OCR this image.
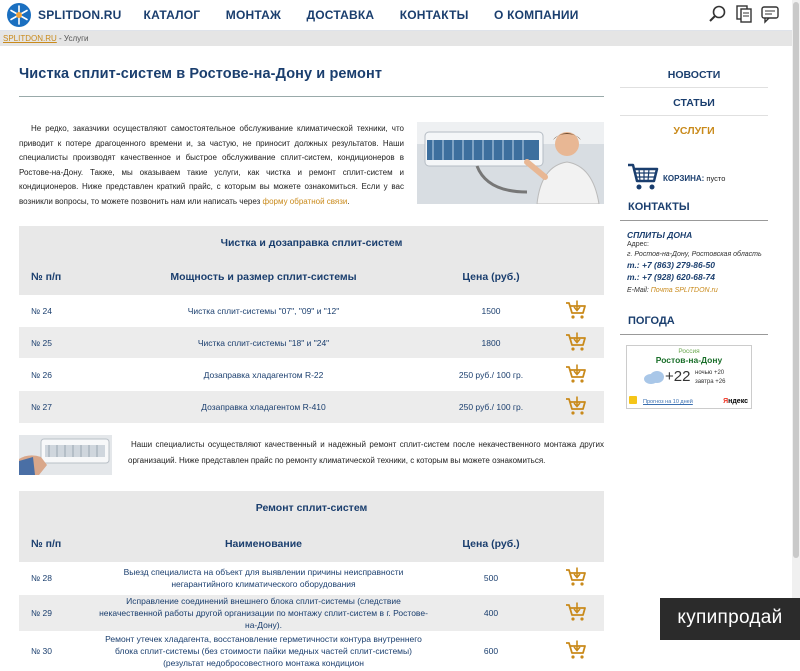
SPLITDON.RU КАТАЛОГ МОНТАЖ ДОСТАВКА КОНТАКТЫ О КОМПАНИИ
SPLITDON.RU - Услуги
Чистка сплит-систем в Ростове-на-Дону и ремонт

Не редко, заказчики осуществляют самостоятельное обслуживание климатической техники, что приводит к потере драгоценного времени и, за частую, не приносит должных результатов. Наши специалисты производят качественное и быстрое обслуживание сплит-систем, кондиционеров в Ростове-на-Дону. Также, мы оказываем такие услуги, как чистка и ремонт сплит-систем и кондиционеров. Ниже представлен краткий прайс, с которым вы можете ознакомиться. Если у вас возникли вопросы, то можете позвонить нам или написать через форму обратной связи.

Чистка и дозаправка сплит-систем			
№ п/п	Мощность и размер сплит-системы	Цена (руб.)	
№ 24	Чистка сплит-системы "07", "09" и "12"	1500	
№ 25	Чистка сплит-системы "18" и "24"	1800	
№ 26	Дозаправка хладагентом R-22	250 руб./ 100 гр.	
№ 27	Дозаправка хладагентом R-410	250 руб./ 100 гр.	

Наши специалисты осуществляют качественный и надежный ремонт сплит-систем после некачественного монтажа других организаций. Ниже представлен прайс по ремонту климатической техники, с которым вы можете ознакомиться.

Ремонт сплит-систем			
№ п/п	Наименование	Цена (руб.)	
№ 28	Выезд специалиста на объект для выявлении причины неисправности негарантийного климатического оборудования	500	
№ 29	Исправление соединений внешнего блока сплит-системы (следствие некачественной работы другой организации по монтажу сплит-систем в г. Ростове-на-Дону).	400	
№ 30	Ремонт утечек хладагента, восстановление герметичности контура внутреннего блока сплит-системы (без стоимости пайки медных частей сплит-системы) (результат недобросовестного монтажа кондицион	600	
НОВОСТИ
СТАТЬИ
УСЛУГИ
КОРЗИНА: пусто
КОНТАКТЫ
СПЛИТЫ ДОНА
Адрес:
г. Ростов-на-Дону, Ростовская область
т.: +7 (863) 279-86-50
т.: +7 (928) 620-68-74
E-Mail: Почта SPLITDON.ru
ПОГОДА
Россия
Ростов-на-Дону
+22 ночью +20
завтра +26
Прогноз на 10 дней	Яндекс
купипродай
